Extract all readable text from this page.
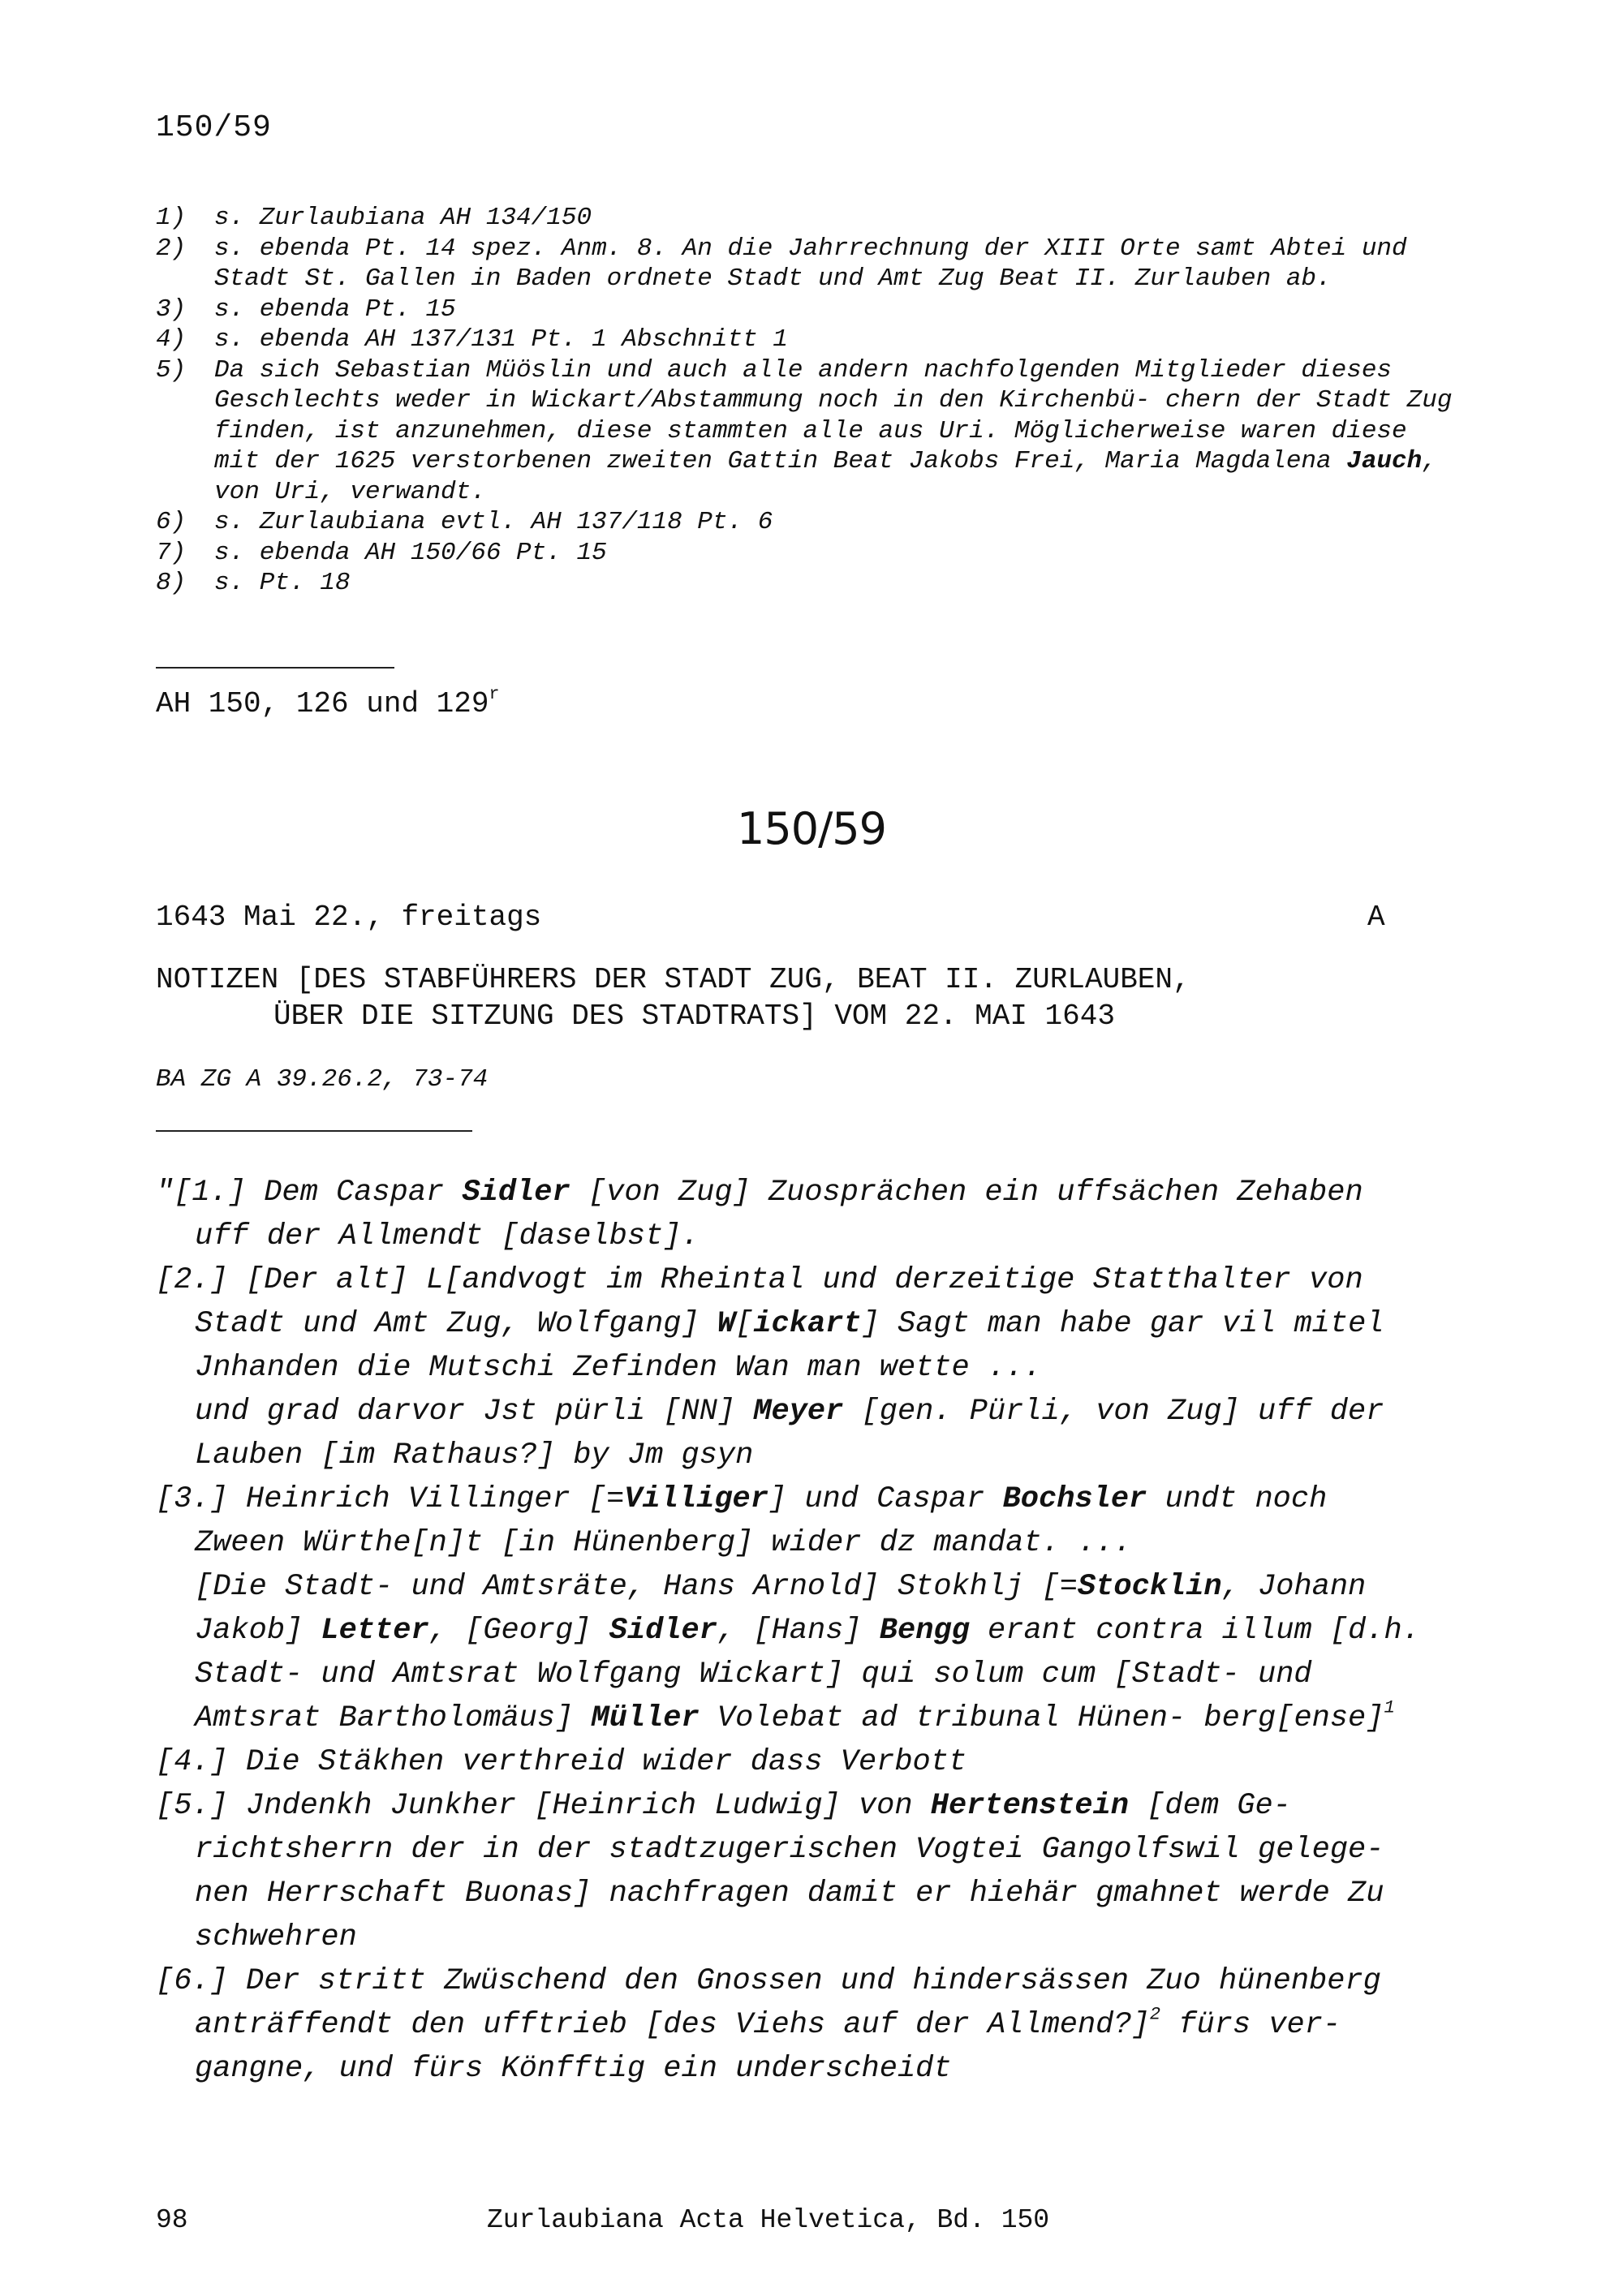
150/59
1) s. Zurlaubiana AH 134/150
2) s. ebenda Pt. 14 spez. Anm. 8. An die Jahrrechnung der XIII Orte samt Abtei und Stadt St. Gallen in Baden ordnete Stadt und Amt Zug Beat II. Zurlauben ab.
3) s. ebenda Pt. 15
4) s. ebenda AH 137/131 Pt. 1 Abschnitt 1
5) Da sich Sebastian Müöslin und auch alle andern nachfolgenden Mitglieder dieses Geschlechts weder in Wickart/Abstammung noch in den Kirchenbü- chern der Stadt Zug finden, ist anzunehmen, diese stammten alle aus Uri. Möglicherweise waren diese mit der 1625 verstorbenen zweiten Gattin Beat Jakobs Frei, Maria Magdalena Jauch, von Uri, verwandt.
6) s. Zurlaubiana evtl. AH 137/118 Pt. 6
7) s. ebenda AH 150/66 Pt. 15
8) s. Pt. 18
AH 150, 126 und 129$^r$
150/59
1643 Mai 22., freitags	A
NOTIZEN [DES STABFÜHRERS DER STADT ZUG, BEAT II. ZURLAUBEN,
ÜBER DIE SITZUNG DES STADTRATS] VOM 22. MAI 1643
BA ZG A 39.26.2, 73-74
"[1.] Dem Caspar Sidler [von Zug] Zuosprächen ein uffsächen Zehaben uff der Allmendt [daselbst].
[2.] [Der alt] L[andvogt im Rheintal und derzeitige Statthalter von Stadt und Amt Zug, Wolfgang] W[ickart] Sagt man habe gar vil mitel Jnhanden die Mutschi Zefinden Wan man wette ...
und grad darvor Jst pürli [NN] Meyer [gen. Pürli, von Zug] uff der Lauben [im Rathaus?] by Jm gsyn
[3.] Heinrich Villinger [=Villiger] und Caspar Bochsler undt noch Zween Würthe[n]t [in Hünenberg] wider dz mandat. ...
[Die Stadt- und Amtsräte, Hans Arnold] Stokhlj [=Stocklin, Johann Jakob] Letter, [Georg] Sidler, [Hans] Bengg erant contra illum [d.h. Stadt- und Amtsrat Wolfgang Wickart] qui solum cum [Stadt- und Amtsrat Bartholomäus] Müller Volebat ad tribunal Hünen- berg[ense]$^1$
[4.] Die Stäkhen verthreid wider dass Verbott
[5.] Jndenkh Junkher [Heinrich Ludwig] von Hertenstein [dem Ge- richtsherrn der in der stadtzugerischen Vogtei Gangolfswil gelege- nen Herrschaft Buonas] nachfragen damit er hiehär gmahnet werde Zu schwehren
[6.] Der stritt Zwüschend den Gnossen und hindersässen Zuo hünenberg anträffendt den ufftrieb [des Viehs auf der Allmend?]$^2$ fürs ver- gangne, und fürs Könfftig ein underscheidt
98	Zurlaubiana Acta Helvetica, Bd. 150
